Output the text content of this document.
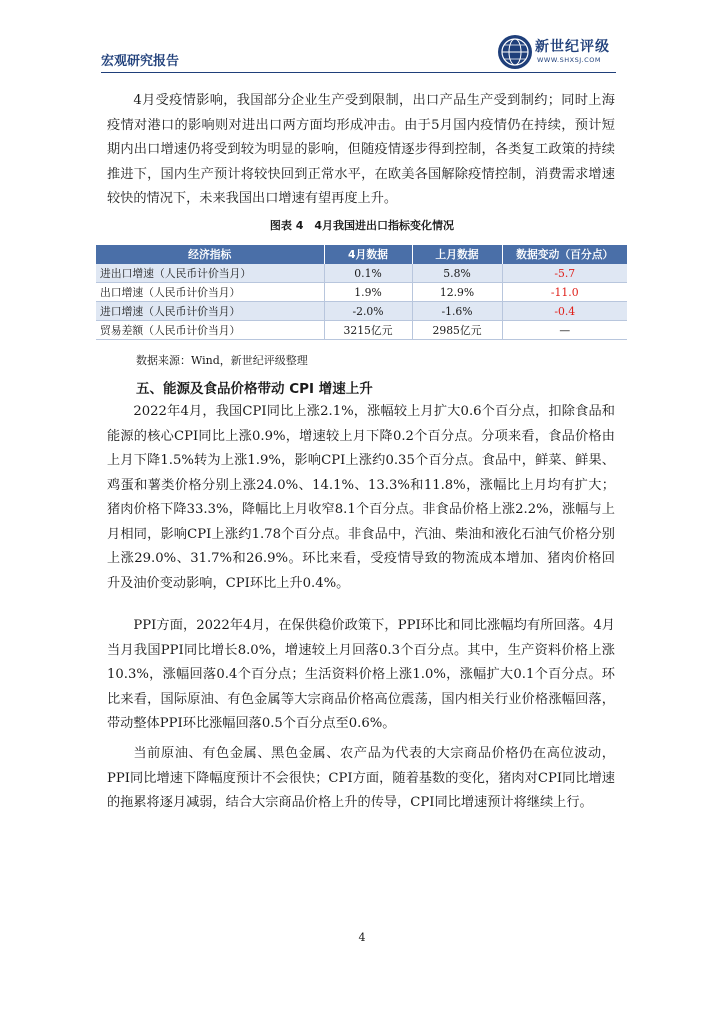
宏观研究报告
新世纪评级
WWW.SHXSJ.COM

4月受疫情影响，我国部分企业生产受到限制，出口产品生产受到制约；同时上海疫情对港口的影响则对进出口两方面均形成冲击。由于5月国内疫情仍在持续，预计短期内出口增速仍将受到较为明显的影响，但随疫情逐步得到控制，各类复工政策的持续推进下，国内生产预计将较快回到正常水平，在欧美各国解除疫情控制，消费需求增速较快的情况下，未来我国出口增速有望再度上升。

图表 4　4月我国进出口指标变化情况
经济指标	4月数据	上月数据	数据变动（百分点）
进出口增速（人民币计价当月）	0.1%	5.8%	-5.7
出口增速（人民币计价当月）	1.9%	12.9%	-11.0
进口增速（人民币计价当月）	-2.0%	-1.6%	-0.4
贸易差额（人民币计价当月）	3215亿元	2985亿元	—
数据来源：Wind，新世纪评级整理
五、能源及食品价格带动 CPI 增速上升

2022年4月，我国CPI同比上涨2.1%，涨幅较上月扩大0.6个百分点，扣除食品和能源的核心CPI同比上涨0.9%，增速较上月下降0.2个百分点。分项来看，食品价格由上月下降1.5%转为上涨1.9%，影响CPI上涨约0.35个百分点。食品中，鲜菜、鲜果、鸡蛋和薯类价格分别上涨24.0%、14.1%、13.3%和11.8%，涨幅比上月均有扩大；猪肉价格下降33.3%，降幅比上月收窄8.1个百分点。非食品价格上涨2.2%，涨幅与上月相同，影响CPI上涨约1.78个百分点。非食品中，汽油、柴油和液化石油气价格分别上涨29.0%、31.7%和26.9%。环比来看，受疫情导致的物流成本增加、猪肉价格回升及油价变动影响，CPI环比上升0.4%。

PPI方面，2022年4月，在保供稳价政策下，PPI环比和同比涨幅均有所回落。4月当月我国PPI同比增长8.0%，增速较上月回落0.3个百分点。其中，生产资料价格上涨10.3%，涨幅回落0.4个百分点；生活资料价格上涨1.0%，涨幅扩大0.1个百分点。环比来看，国际原油、有色金属等大宗商品价格高位震荡，国内相关行业价格涨幅回落，带动整体PPI环比涨幅回落0.5个百分点至0.6%。

当前原油、有色金属、黑色金属、农产品为代表的大宗商品价格仍在高位波动，PPI同比增速下降幅度预计不会很快；CPI方面，随着基数的变化，猪肉对CPI同比增速的拖累将逐月减弱，结合大宗商品价格上升的传导，CPI同比增速预计将继续上行。

4
